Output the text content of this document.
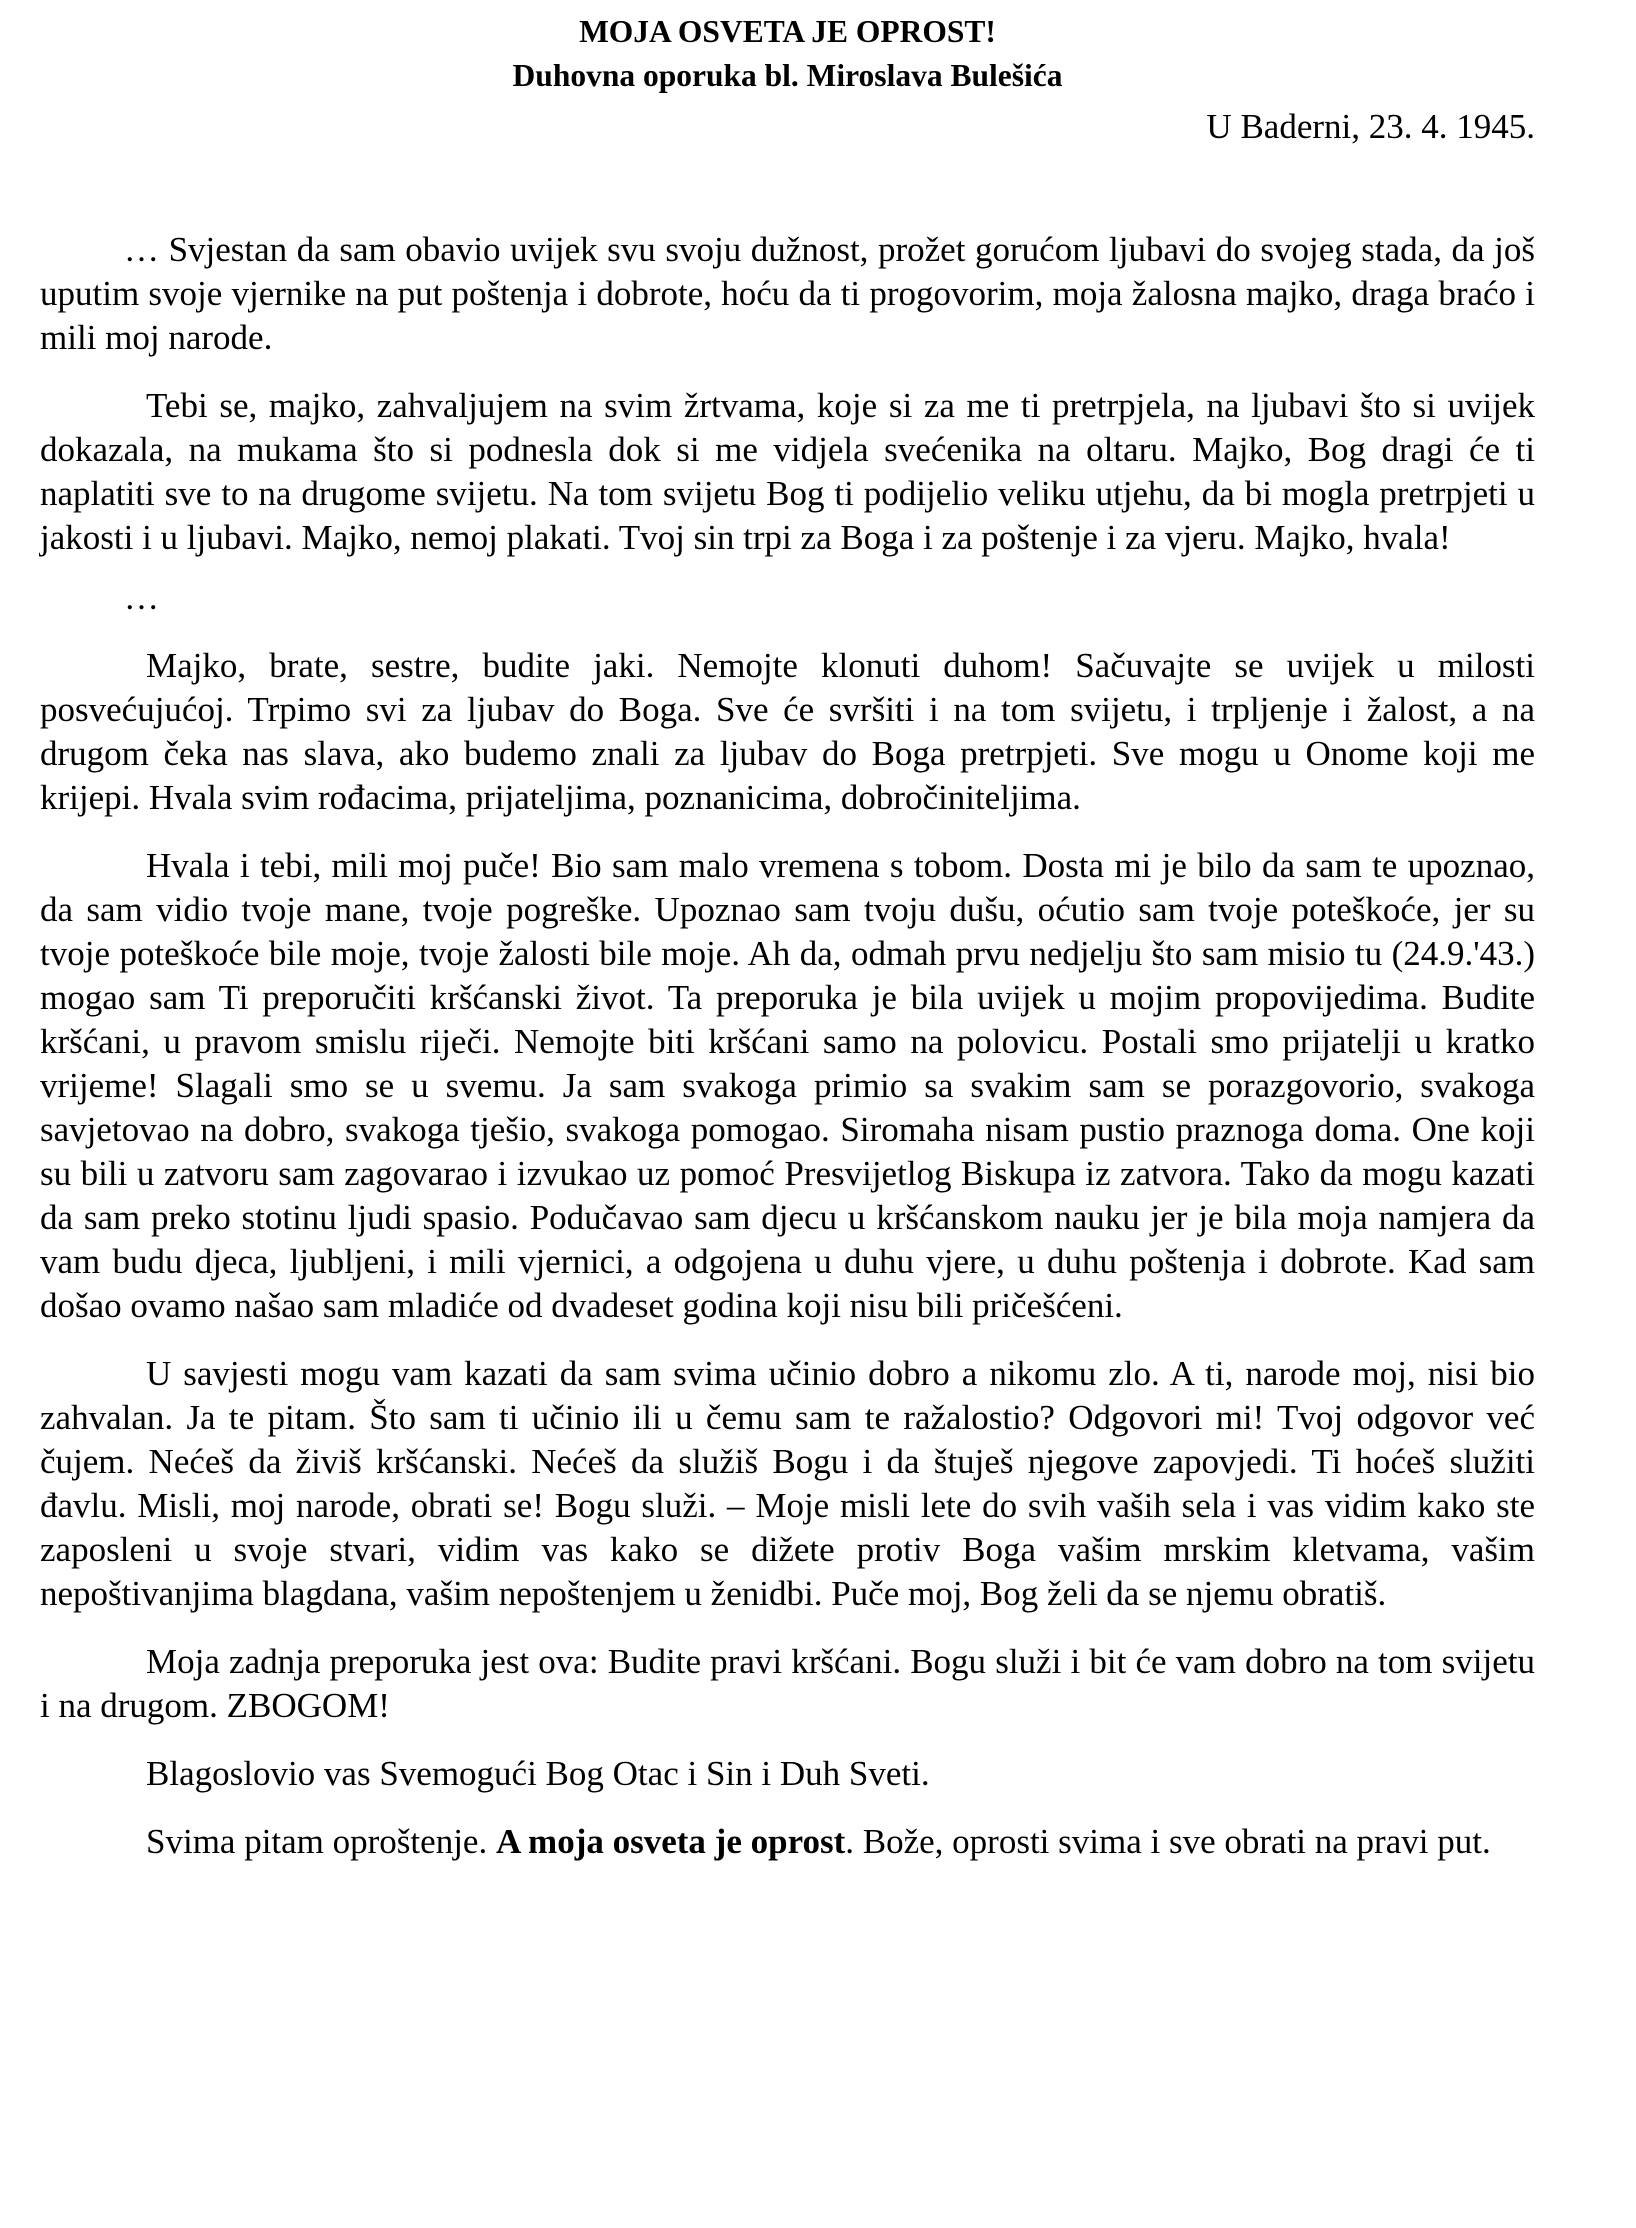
MOJA OSVETA JE OPROST!
Duhovna oporuka bl. Miroslava Bulešića
U Baderni, 23. 4. 1945.

… Svjestan da sam obavio uvijek svu svoju dužnost, prožet gorućom ljubavi do svojeg stada, da još uputim svoje vjernike na put poštenja i dobrote, hoću da ti progovorim, moja žalosna majko, draga braćo i mili moj narode.

Tebi se, majko, zahvaljujem na svim žrtvama, koje si za me ti pretrpjela, na ljubavi što si uvijek dokazala, na mukama što si podnesla dok si me vidjela svećenika na oltaru. Majko, Bog dragi će ti naplatiti sve to na drugome svijetu. Na tom svijetu Bog ti podijelio veliku utjehu, da bi mogla pretrpjeti u jakosti i u ljubavi. Majko, nemoj plakati. Tvoj sin trpi za Boga i za poštenje i za vjeru. Majko, hvala!

…

Majko, brate, sestre, budite jaki. Nemojte klonuti duhom! Sačuvajte se uvijek u milosti posvećujućoj. Trpimo svi za ljubav do Boga. Sve će svršiti i na tom svijetu, i trpljenje i žalost, a na drugom čeka nas slava, ako budemo znali za ljubav do Boga pretrpjeti. Sve mogu u Onome koji me krijepi. Hvala svim rođacima, prijateljima, poznanicima, dobročiniteljima.

Hvala i tebi, mili moj puče! Bio sam malo vremena s tobom. Dosta mi je bilo da sam te upoznao, da sam vidio tvoje mane, tvoje pogreške. Upoznao sam tvoju dušu, oćutio sam tvoje poteškoće, jer su tvoje poteškoće bile moje, tvoje žalosti bile moje. Ah da, odmah prvu nedjelju što sam misio tu (24.9.'43.) mogao sam Ti preporučiti kršćanski život. Ta preporuka je bila uvijek u mojim propovijedima. Budite kršćani, u pravom smislu riječi. Nemojte biti kršćani samo na polovicu. Postali smo prijatelji u kratko vrijeme! Slagali smo se u svemu. Ja sam svakoga primio sa svakim sam se porazgovorio, svakoga savjetovao na dobro, svakoga tješio, svakoga pomogao. Siromaha nisam pustio praznoga doma. One koji su bili u zatvoru sam zagovarao i izvukao uz pomoć Presvijetlog Biskupa iz zatvora. Tako da mogu kazati da sam preko stotinu ljudi spasio. Podučavao sam djecu u kršćanskom nauku jer je bila moja namjera da vam budu djeca, ljubljeni, i mili vjernici, a odgojena u duhu vjere, u duhu poštenja i dobrote. Kad sam došao ovamo našao sam mladiće od dvadeset godina koji nisu bili pričešćeni.

U savjesti mogu vam kazati da sam svima učinio dobro a nikomu zlo. A ti, narode moj, nisi bio zahvalan. Ja te pitam. Što sam ti učinio ili u čemu sam te ražalostio? Odgovori mi! Tvoj odgovor već čujem. Nećeš da živiš kršćanski. Nećeš da služiš Bogu i da štuješ njegove zapovjedi. Ti hoćeš služiti đavlu. Misli, moj narode, obrati se! Bogu služi. – Moje misli lete do svih vaših sela i vas vidim kako ste zaposleni u svoje stvari, vidim vas kako se dižete protiv Boga vašim mrskim kletvama, vašim nepoštivanjima blagdana, vašim nepoštenjem u ženidbi. Puče moj, Bog želi da se njemu obratiš.

Moja zadnja preporuka jest ova: Budite pravi kršćani. Bogu služi i bit će vam dobro na tom svijetu i na drugom. ZBOGOM!

Blagoslovio vas Svemogući Bog Otac i Sin i Duh Sveti.

Svima pitam oproštenje. A moja osveta je oprost. Bože, oprosti svima i sve obrati na pravi put.
